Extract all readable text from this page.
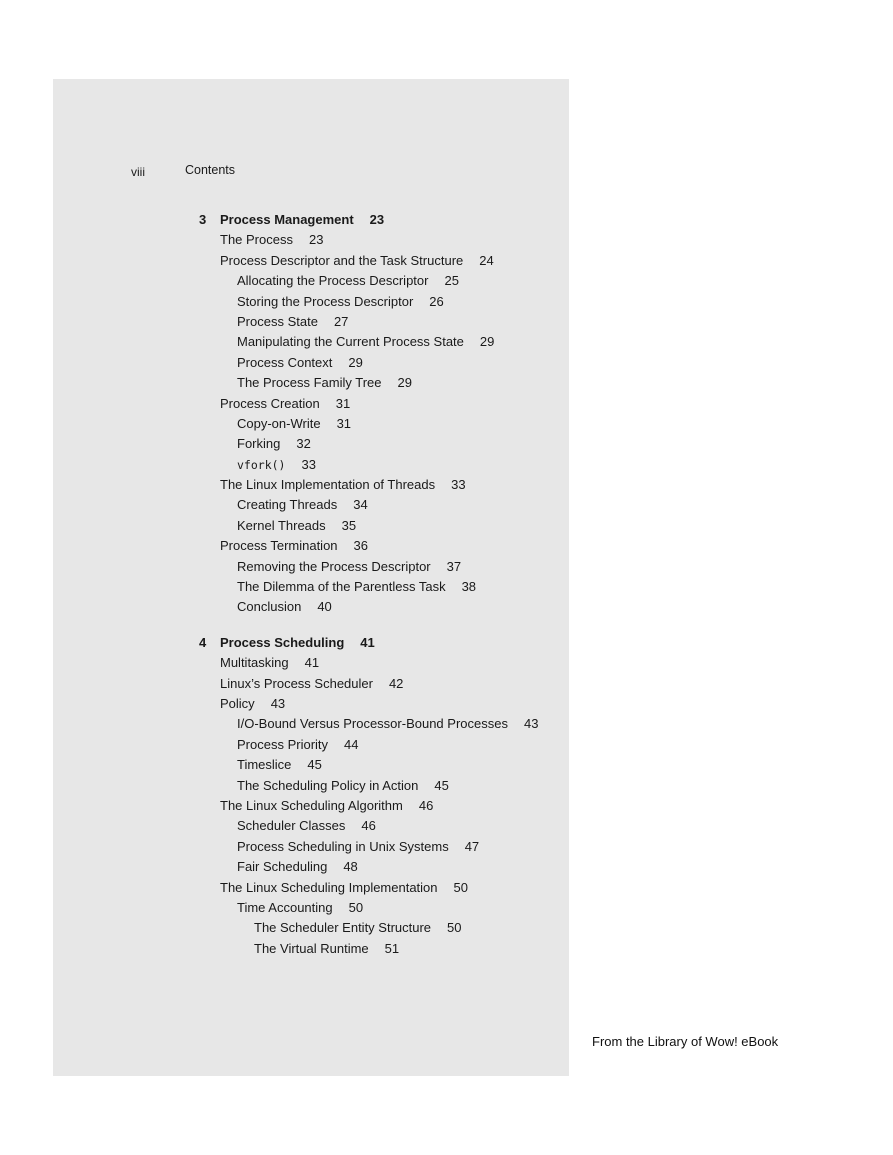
viii	Contents
3 Process Management 23
The Process 23
Process Descriptor and the Task Structure 24
Allocating the Process Descriptor 25
Storing the Process Descriptor 26
Process State 27
Manipulating the Current Process State 29
Process Context 29
The Process Family Tree 29
Process Creation 31
Copy-on-Write 31
Forking 32
vfork() 33
The Linux Implementation of Threads 33
Creating Threads 34
Kernel Threads 35
Process Termination 36
Removing the Process Descriptor 37
The Dilemma of the Parentless Task 38
Conclusion 40
4 Process Scheduling 41
Multitasking 41
Linux’s Process Scheduler 42
Policy 43
I/O-Bound Versus Processor-Bound Processes 43
Process Priority 44
Timeslice 45
The Scheduling Policy in Action 45
The Linux Scheduling Algorithm 46
Scheduler Classes 46
Process Scheduling in Unix Systems 47
Fair Scheduling 48
The Linux Scheduling Implementation 50
Time Accounting 50
The Scheduler Entity Structure 50
The Virtual Runtime 51
From the Library of Wow! eBook
